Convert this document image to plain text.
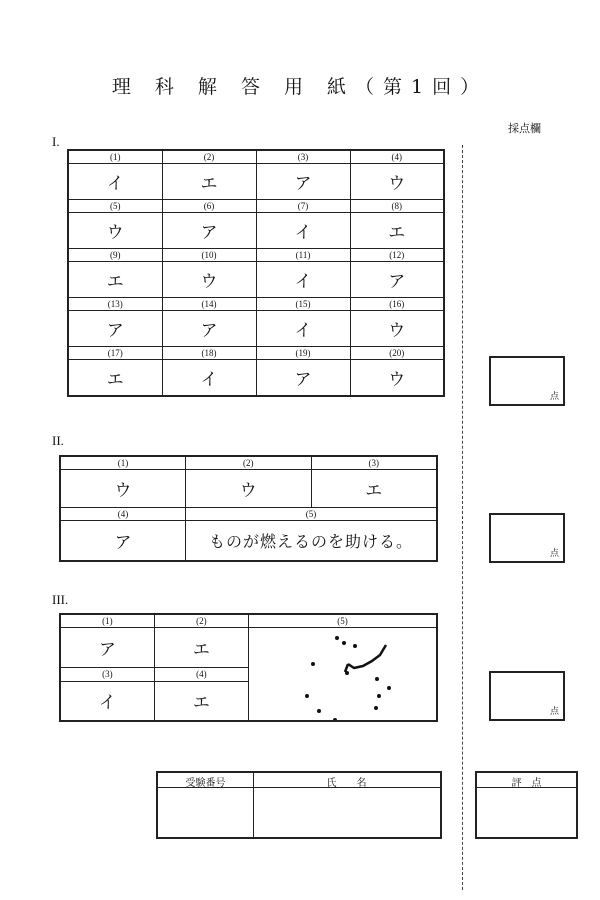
理 科 解 答 用 紙（第1回）
採点欄
I.
(1)	(2)	(3)	(4)
イ	エ	ア	ウ
(5)	(6)	(7)	(8)
ウ	ア	イ	エ
(9)	(10)	(11)	(12)
エ	ウ	イ	ア
(13)	(14)	(15)	(16)
ア	ア	イ	ウ
(17)	(18)	(19)	(20)
エ	イ	ア	ウ
点
II.
(1)	(2)	(3)
ウ	ウ	エ
(4)	(5)	
ア	ものが燃えるのを助ける。	
点
III.
(1)	(2)	(5)
ア	エ	

(3)	(4)	
イ	エ		点
受験番号	氏　　名	評　点
